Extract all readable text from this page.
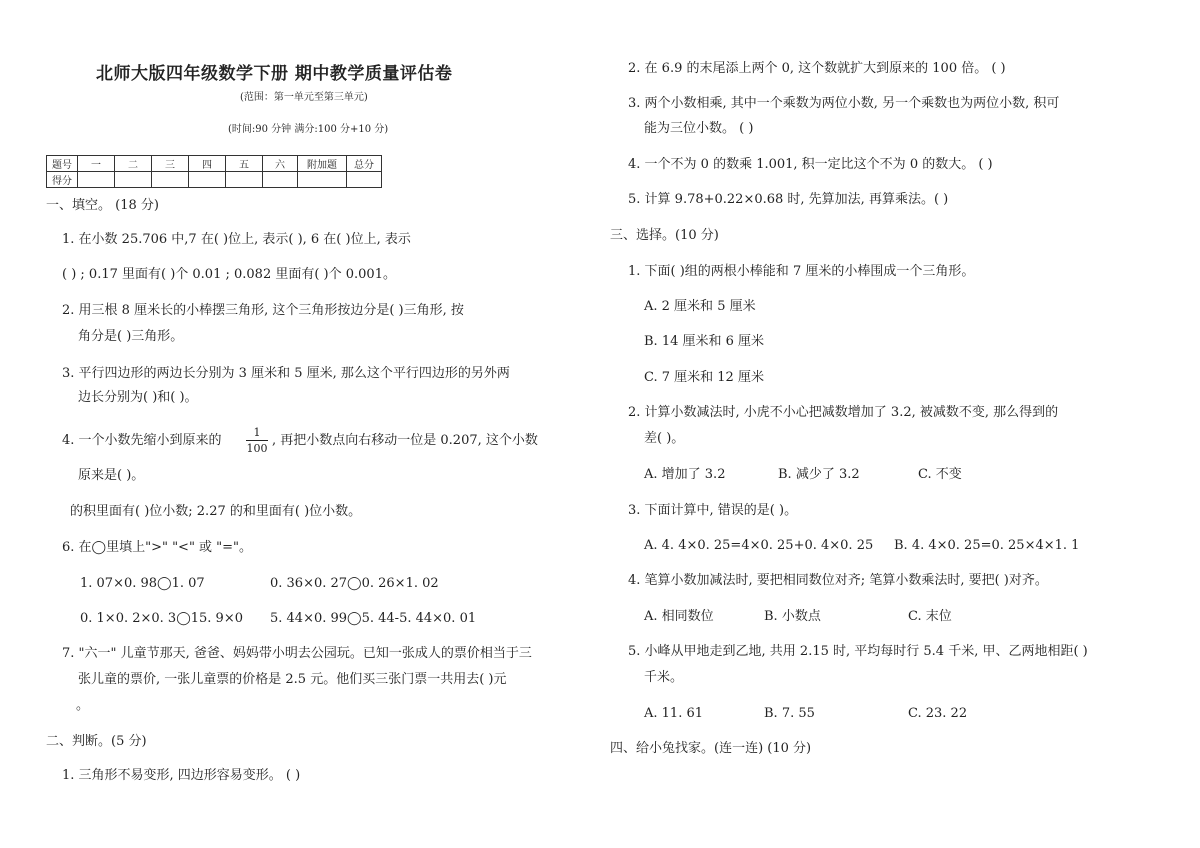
北师大版四年级数学下册 期中教学质量评估卷
(范围：第一单元至第三单元)
(时间:90 分钟 满分:100 分+10 分)
题号	一	二	三	四	五	六	附加题	总分
得分								
一、填空。 (18 分)
1. 在小数 25.706 中,7 在( )位上, 表示( ), 6 在( )位上, 表示
( ) ; 0.17 里面有( )个 0.01 ; 0.082 里面有( )个 0.001。
2. 用三根 8 厘米长的小棒摆三角形, 这个三角形按边分是( )三角形, 按
角分是( )三角形。
3. 平行四边形的两边长分别为 3 厘米和 5 厘米, 那么这个平行四边形的另外两
边长分别为( )和( )。
4. 一个小数先缩小到原来的
1
100
, 再把小数点向右移动一位是 0.207, 这个小数
原来是( )。
的积里面有( )位小数; 2.27 的和里面有( )位小数。
6. 在◯里填上">" "<" 或 "="。
1. 07×0. 98◯1. 07	0. 36×0. 27◯0. 26×1. 02
0. 1×0. 2×0. 3◯15. 9×0 5. 44×0. 99◯5. 44-5. 44×0. 01
7. "六一" 儿童节那天, 爸爸、妈妈带小明去公园玩。已知一张成人的票价相当于三
张儿童的票价, 一张儿童票的价格是 2.5 元。他们买三张门票一共用去( )元
。
二、判断。(5 分)
1. 三角形不易变形, 四边形容易变形。 ( )
2. 在 6.9 的末尾添上两个 0, 这个数就扩大到原来的 100 倍。 ( )
3. 两个小数相乘, 其中一个乘数为两位小数, 另一个乘数也为两位小数, 积可
能为三位小数。 ( )
4. 一个不为 0 的数乘 1.001, 积一定比这个不为 0 的数大。 ( )
5. 计算 9.78+0.22×0.68 时, 先算加法, 再算乘法。( )
三、选择。(10 分)
1. 下面( )组的两根小棒能和 7 厘米的小棒围成一个三角形。
A. 2 厘米和 5 厘米
B. 14 厘米和 6 厘米
C. 7 厘米和 12 厘米
2. 计算小数减法时, 小虎不小心把减数增加了 3.2, 被减数不变, 那么得到的
差( )。
A. 增加了 3.2	B. 减少了 3.2	C. 不变
3. 下面计算中, 错误的是( )。
A. 4. 4×0. 25=4×0. 25+0. 4×0. 25 B. 4. 4×0. 25=0. 25×4×1. 1
4. 笔算小数加减法时, 要把相同数位对齐; 笔算小数乘法时, 要把( )对齐。
A. 相同数位	B. 小数点	C. 末位
5. 小峰从甲地走到乙地, 共用 2.15 时, 平均每时行 5.4 千米, 甲、乙两地相距( )
千米。
A. 11. 61	B. 7. 55	C. 23. 22
四、给小兔找家。(连一连) (10 分)
